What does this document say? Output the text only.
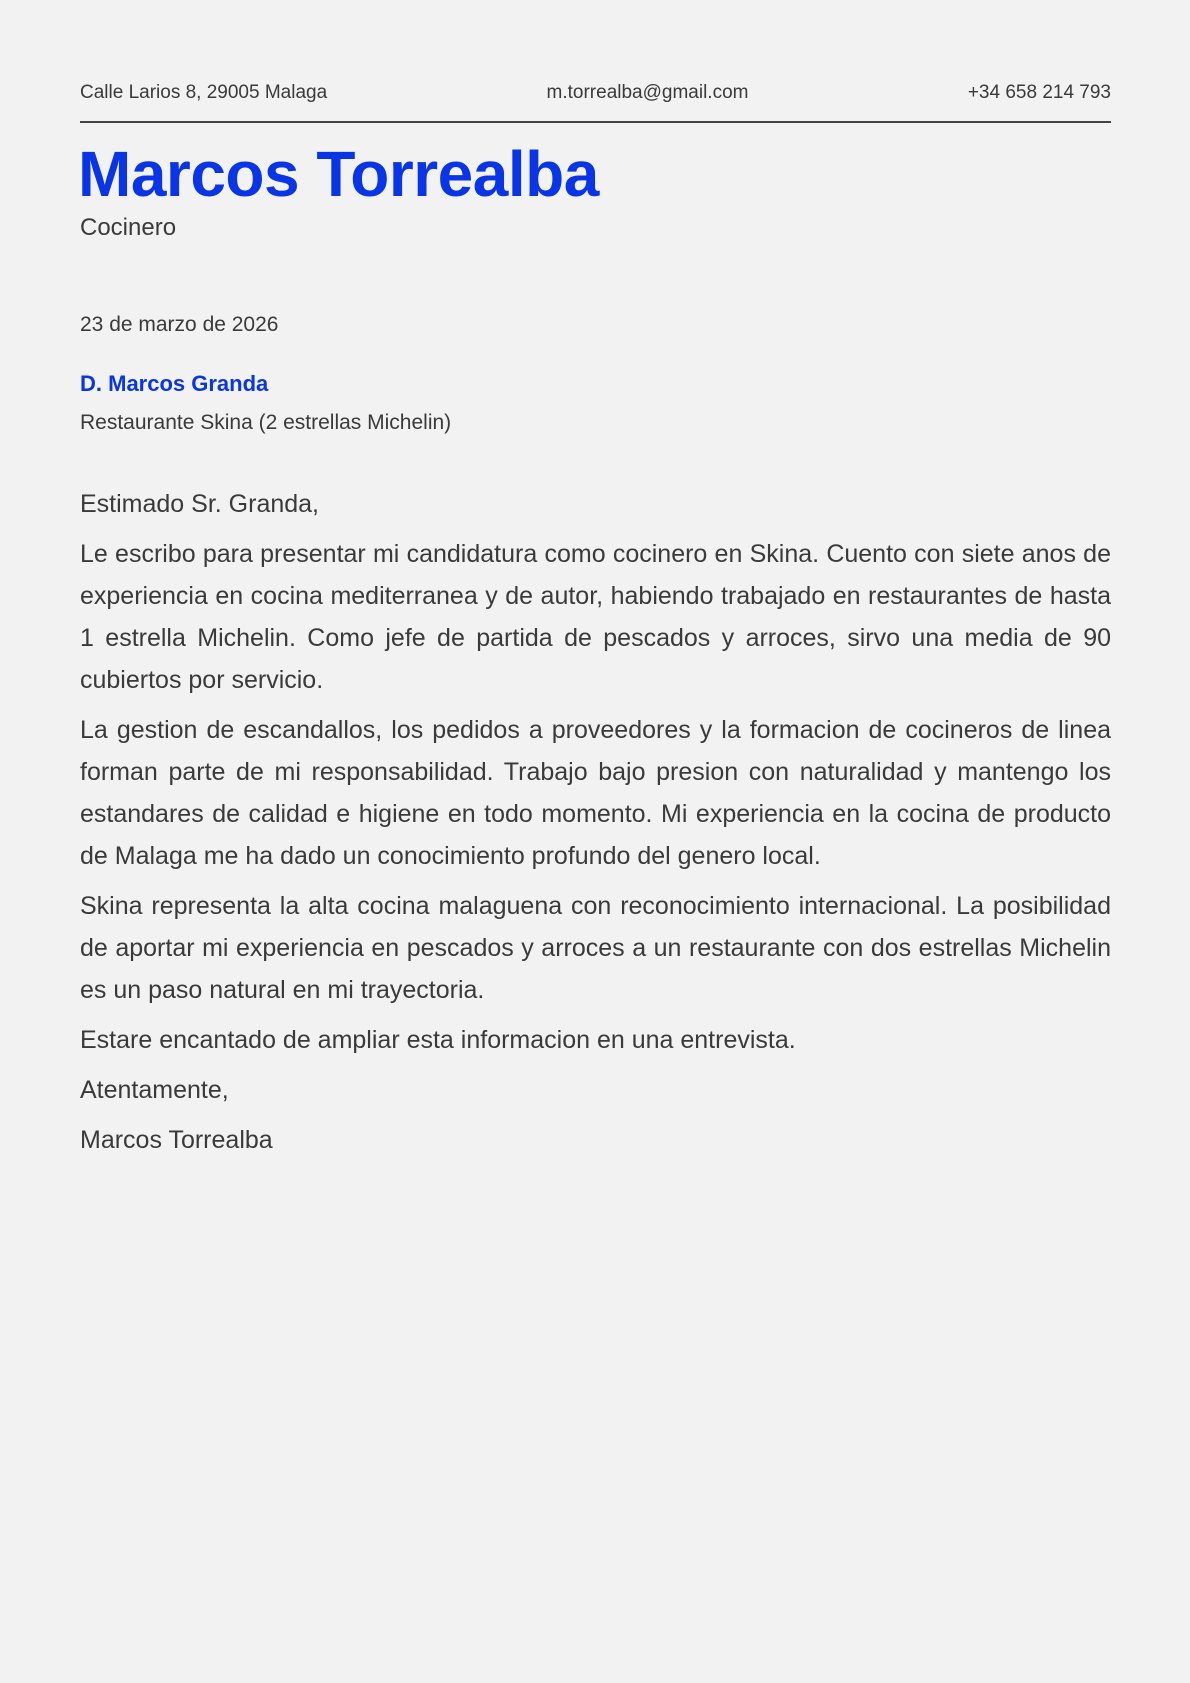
Calle Larios 8, 29005 Malaga	m.torrealba@gmail.com	+34 658 214 793
Marcos Torrealba
Cocinero
23 de marzo de 2026
D. Marcos Granda
Restaurante Skina (2 estrellas Michelin)

Estimado Sr. Granda,

Le escribo para presentar mi candidatura como cocinero en Skina. Cuento con siete anos de experiencia en cocina mediterranea y de autor, habiendo trabajado en restaurantes de hasta 1 estrella Michelin. Como jefe de partida de pescados y arroces, sirvo una media de 90 cubiertos por servicio.

La gestion de escandallos, los pedidos a proveedores y la formacion de cocineros de linea forman parte de mi responsabilidad. Trabajo bajo presion con naturalidad y mantengo los estandares de calidad e higiene en todo momento. Mi experiencia en la cocina de producto de Malaga me ha dado un conocimiento profundo del genero local.

Skina representa la alta cocina malaguena con reconocimiento internacional. La posibilidad de aportar mi experiencia en pescados y arroces a un restaurante con dos estrellas Michelin es un paso natural en mi trayectoria.

Estare encantado de ampliar esta informacion en una entrevista.

Atentamente,

Marcos Torrealba
